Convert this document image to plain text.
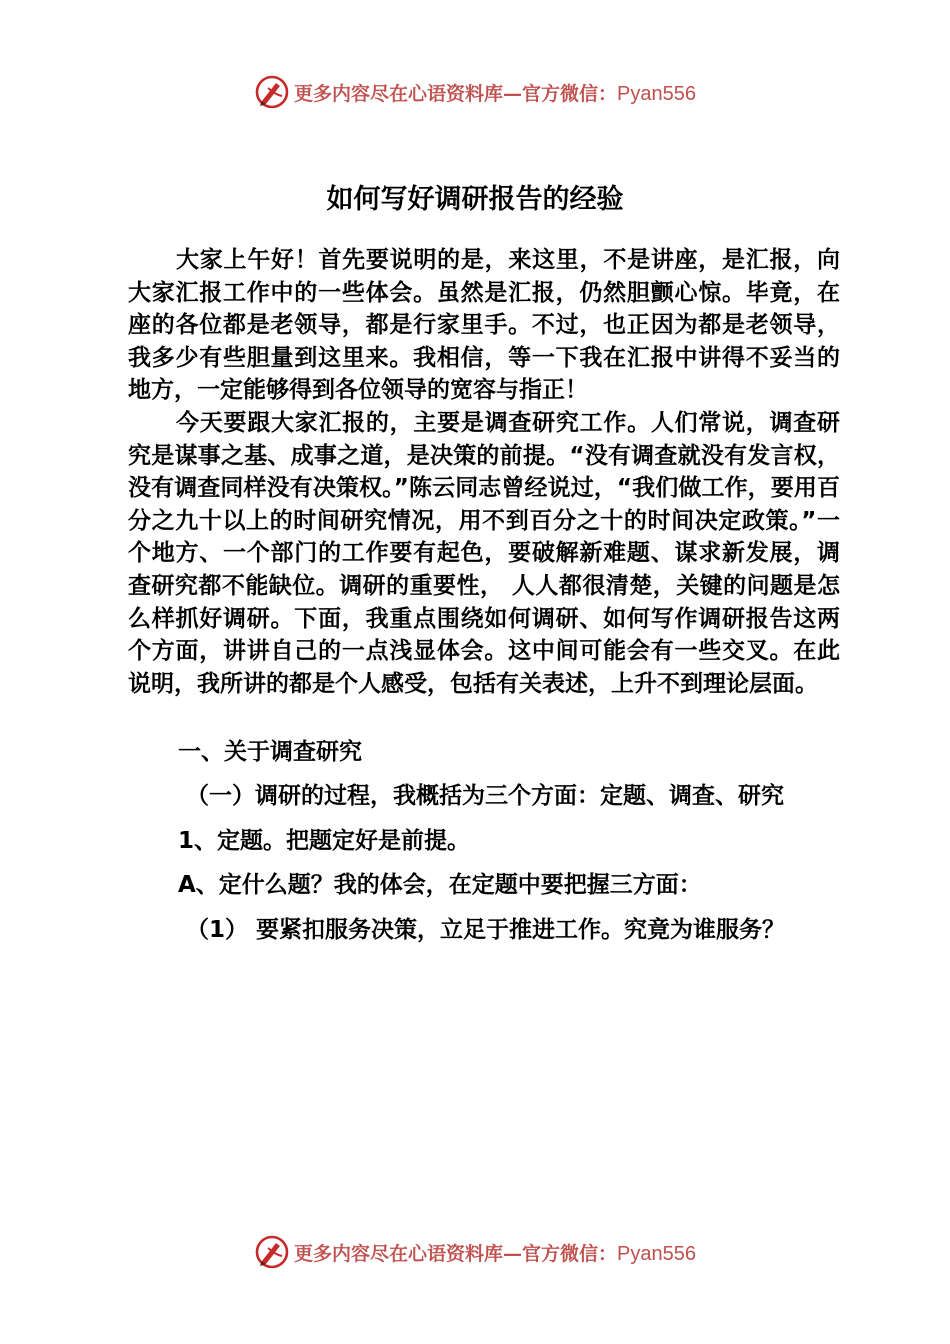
更多内容尽在心语资料库—官方微信：Pyan556
如何写好调研报告的经验

大家上午好！首先要说明的是，来这里，不是讲座，是汇报，向大家汇报工作中的一些体会。虽然是汇报，仍然胆颤心惊。毕竟，在座的各位都是老领导，都是行家里手。不过，也正因为都是老领导，我多少有些胆量到这里来。我相信，等一下我在汇报中讲得不妥当的地方，一定能够得到各位领导的宽容与指正！

今天要跟大家汇报的，主要是调查研究工作。人们常说，调查研究是谋事之基、成事之道，是决策的前提。“没有调查就没有发言权，没有调查同样没有决策权。”陈云同志曾经说过，“我们做工作，要用百分之九十以上的时间研究情况，用不到百分之十的时间决定政策。”一个地方、一个部门的工作要有起色，要破解新难题、谋求新发展，调查研究都不能缺位。调研的重要性， 人人都很清楚，关键的问题是怎么样抓好调研。下面，我重点围绕如何调研、如何写作调研报告这两个方面，讲讲自己的一点浅显体会。这中间可能会有一些交叉。在此说明，我所讲的都是个人感受，包括有关表述，上升不到理论层面。

一、关于调查研究

（一）调研的过程，我概括为三个方面：定题、调查、研究

1、定题。把题定好是前提。

A、定什么题？我的体会，在定题中要把握三方面：

（1） 要紧扣服务决策，立足于推进工作。究竟为谁服务？

更多内容尽在心语资料库—官方微信：Pyan556
